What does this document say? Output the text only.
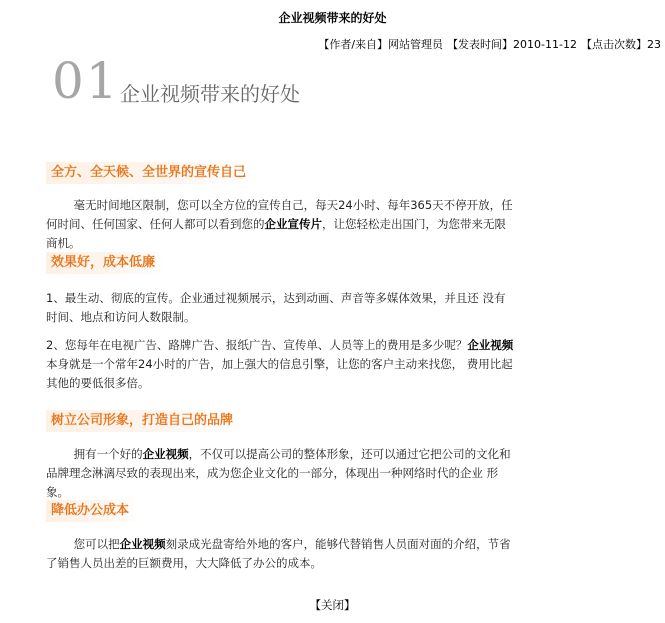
企业视频带来的好处
【作者/来自】网站管理员 【发表时间】2010-11-12 【点击次数】23
01 企业视频带来的好处
全方、全天候、全世界的宣传自己
毫无时间地区限制，您可以全方位的宣传自己，每天24小时、每年365天不停开放，任何时间、任何国家、任何人都可以看到您的企业宣传片，让您轻松走出国门，为您带来无限 商机。
效果好，成本低廉
1、最生动、彻底的宣传。企业通过视频展示，达到动画、声音等多媒体效果，并且还 没有时间、地点和访问人数限制。
2、您每年在电视广告、路牌广告、报纸广告、宣传单、人员等上的费用是多少呢？企业视频本身就是一个常年24小时的广告，加上强大的信息引擎，让您的客户主动来找您， 费用比起其他的要低很多倍。
树立公司形象，打造自己的品牌
拥有一个好的企业视频，不仅可以提高公司的整体形象，还可以通过它把公司的文化和品牌理念淋漓尽致的表现出来，成为您企业文化的一部分，体现出一种网络时代的企业 形象。
降低办公成本
您可以把企业视频刻录成光盘寄给外地的客户，能够代替销售人员面对面的介绍，节省了销售人员出差的巨额费用，大大降低了办公的成本。
【关闭】
